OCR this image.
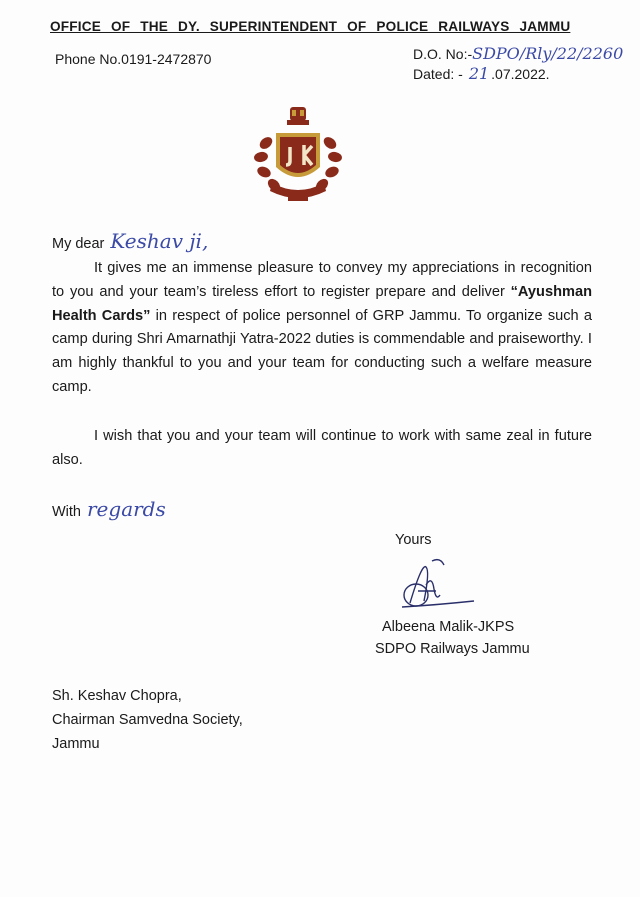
OFFICE OF THE DY. SUPERINTENDENT OF POLICE RAILWAYS JAMMU
Phone No.0191-2472870	D.O. No:-SDPO/Rly/22/2260
Dated: - 21 .07.2022.
My dear Keshav ji,
It gives me an immense pleasure to convey my appreciations in recognition to you and your team’s tireless effort to register prepare and deliver “Ayushman Health Cards” in respect of police personnel of GRP Jammu. To organize such a camp during Shri Amarnathji Yatra-2022 duties is commendable and praiseworthy. I am highly thankful to you and your team for conducting such a welfare measure camp.
I wish that you and your team will continue to work with same zeal in future also.
With regards
Yours
Albeena Malik-JKPS
SDPO Railways Jammu
Sh. Keshav Chopra,
Chairman Samvedna Society,
Jammu
